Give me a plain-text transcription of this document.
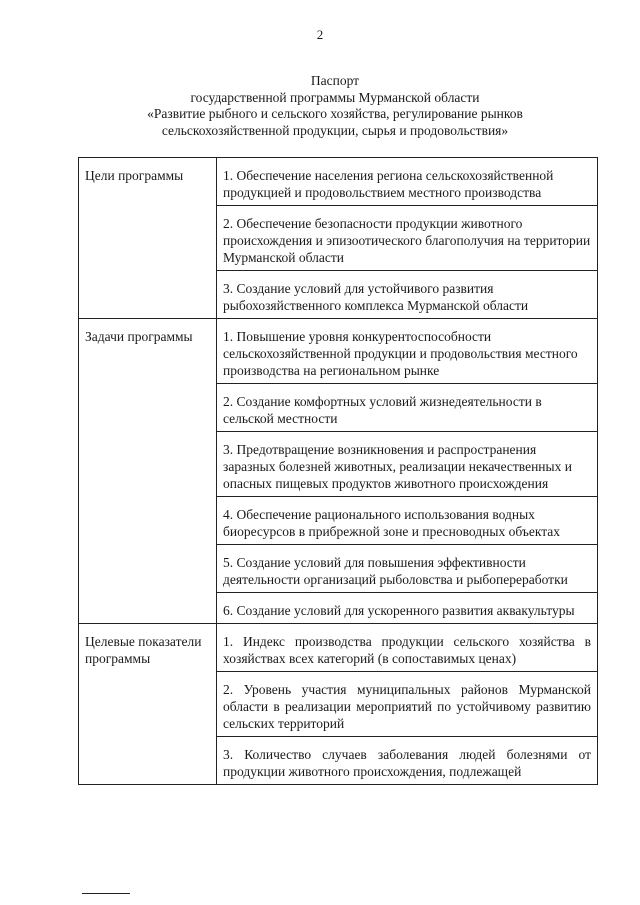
2
Паспорт
государственной программы Мурманской области
«Развитие рыбного и сельского хозяйства, регулирование рынков
сельскохозяйственной продукции, сырья и продовольствия»
Цели программы	1. Обеспечение населения региона сельскохозяйственной продукцией и продовольствием местного производства
	2. Обеспечение безопасности продукции животного происхождения и эпизоотического благополучия на территории Мурманской области
	3. Создание условий для устойчивого развития рыбохозяйственного комплекса Мурманской области
Задачи программы	1. Повышение уровня конкурентоспособности сельскохозяйственной продукции и продовольствия местного производства на региональном рынке
	2. Создание комфортных условий жизнедеятельности в сельской местности
	3. Предотвращение возникновения и распространения заразных болезней животных, реализации некачественных и опасных пищевых продуктов животного происхождения
	4. Обеспечение рационального использования водных биоресурсов в прибрежной зоне и пресноводных объектах
	5. Создание условий для повышения эффективности деятельности организаций рыболовства и рыбопереработки
	6. Создание условий для ускоренного развития аквакультуры
Целевые показатели программы	1. Индекс производства продукции сельского хозяйства в хозяйствах всех категорий (в сопоставимых ценах)
	2. Уровень участия муниципальных районов Мурманской области в реализации мероприятий по устойчивому развитию сельских территорий
	3. Количество случаев заболевания людей болезнями от продукции животного происхождения, подлежащей
